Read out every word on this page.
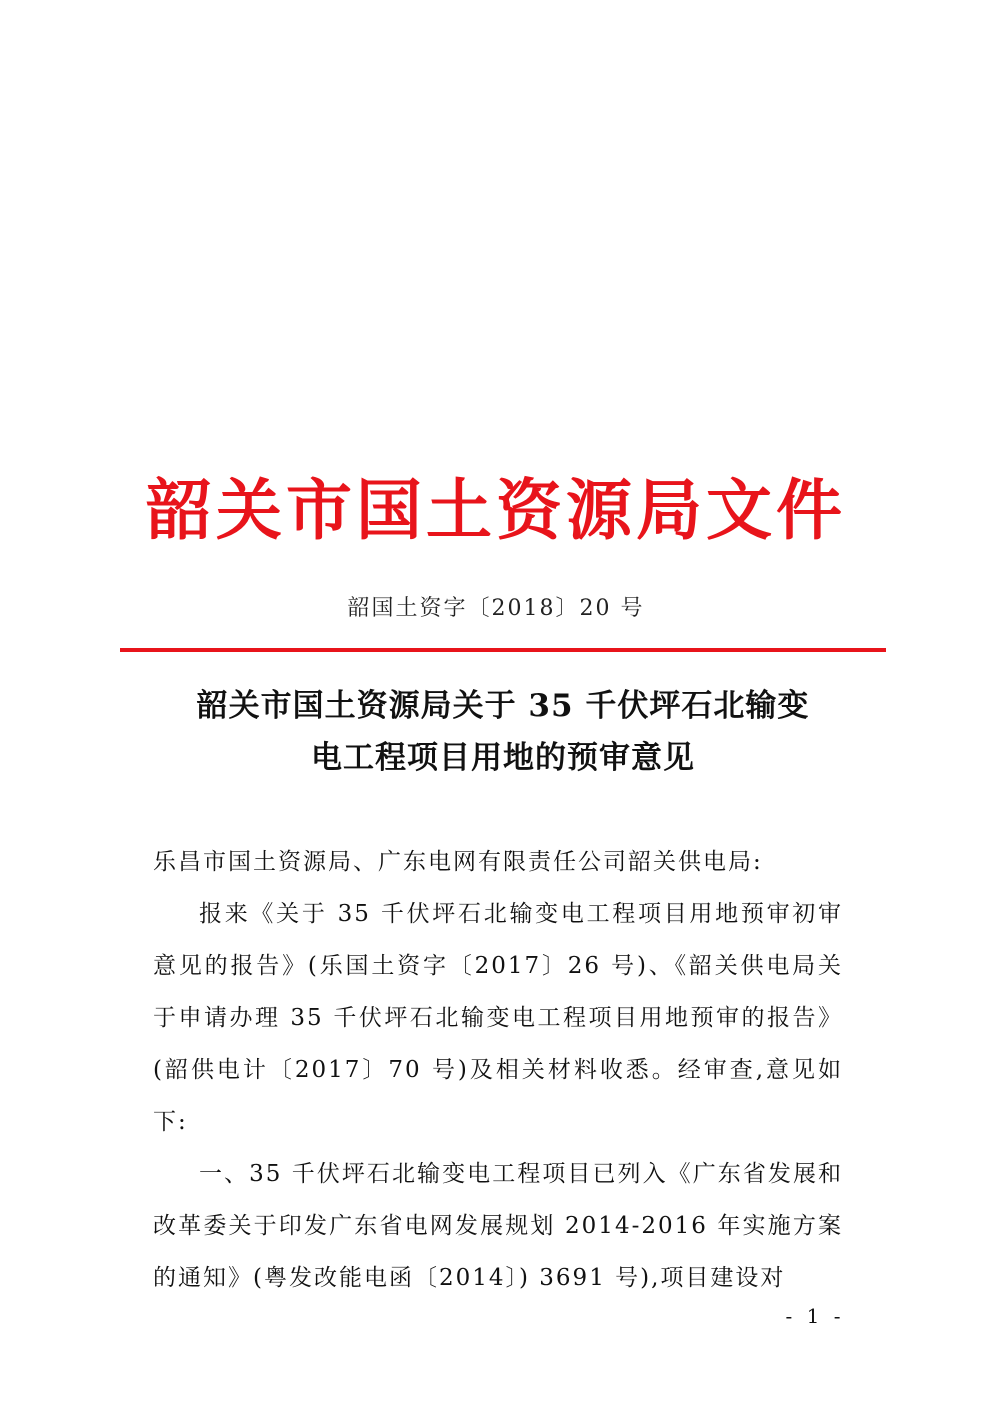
韶关市国土资源局文件
韶国土资字〔2018〕20 号
韶关市国土资源局关于 35 千伏坪石北输变
电工程项目用地的预审意见

乐昌市国土资源局、广东电网有限责任公司韶关供电局:

报来《关于 35 千伏坪石北输变电工程项目用地预审初审意见的报告》(乐国土资字〔2017〕26 号)、《韶关供电局关于申请办理 35 千伏坪石北输变电工程项目用地预审的报告》(韶供电计〔2017〕70 号)及相关材料收悉。经审查,意见如下:

一、35 千伏坪石北输变电工程项目已列入《广东省发展和改革委关于印发广东省电网发展规划 2014-2016 年实施方案的通知》(粤发改能电函〔2014〕) 3691 号),项目建设对

- 1 -
